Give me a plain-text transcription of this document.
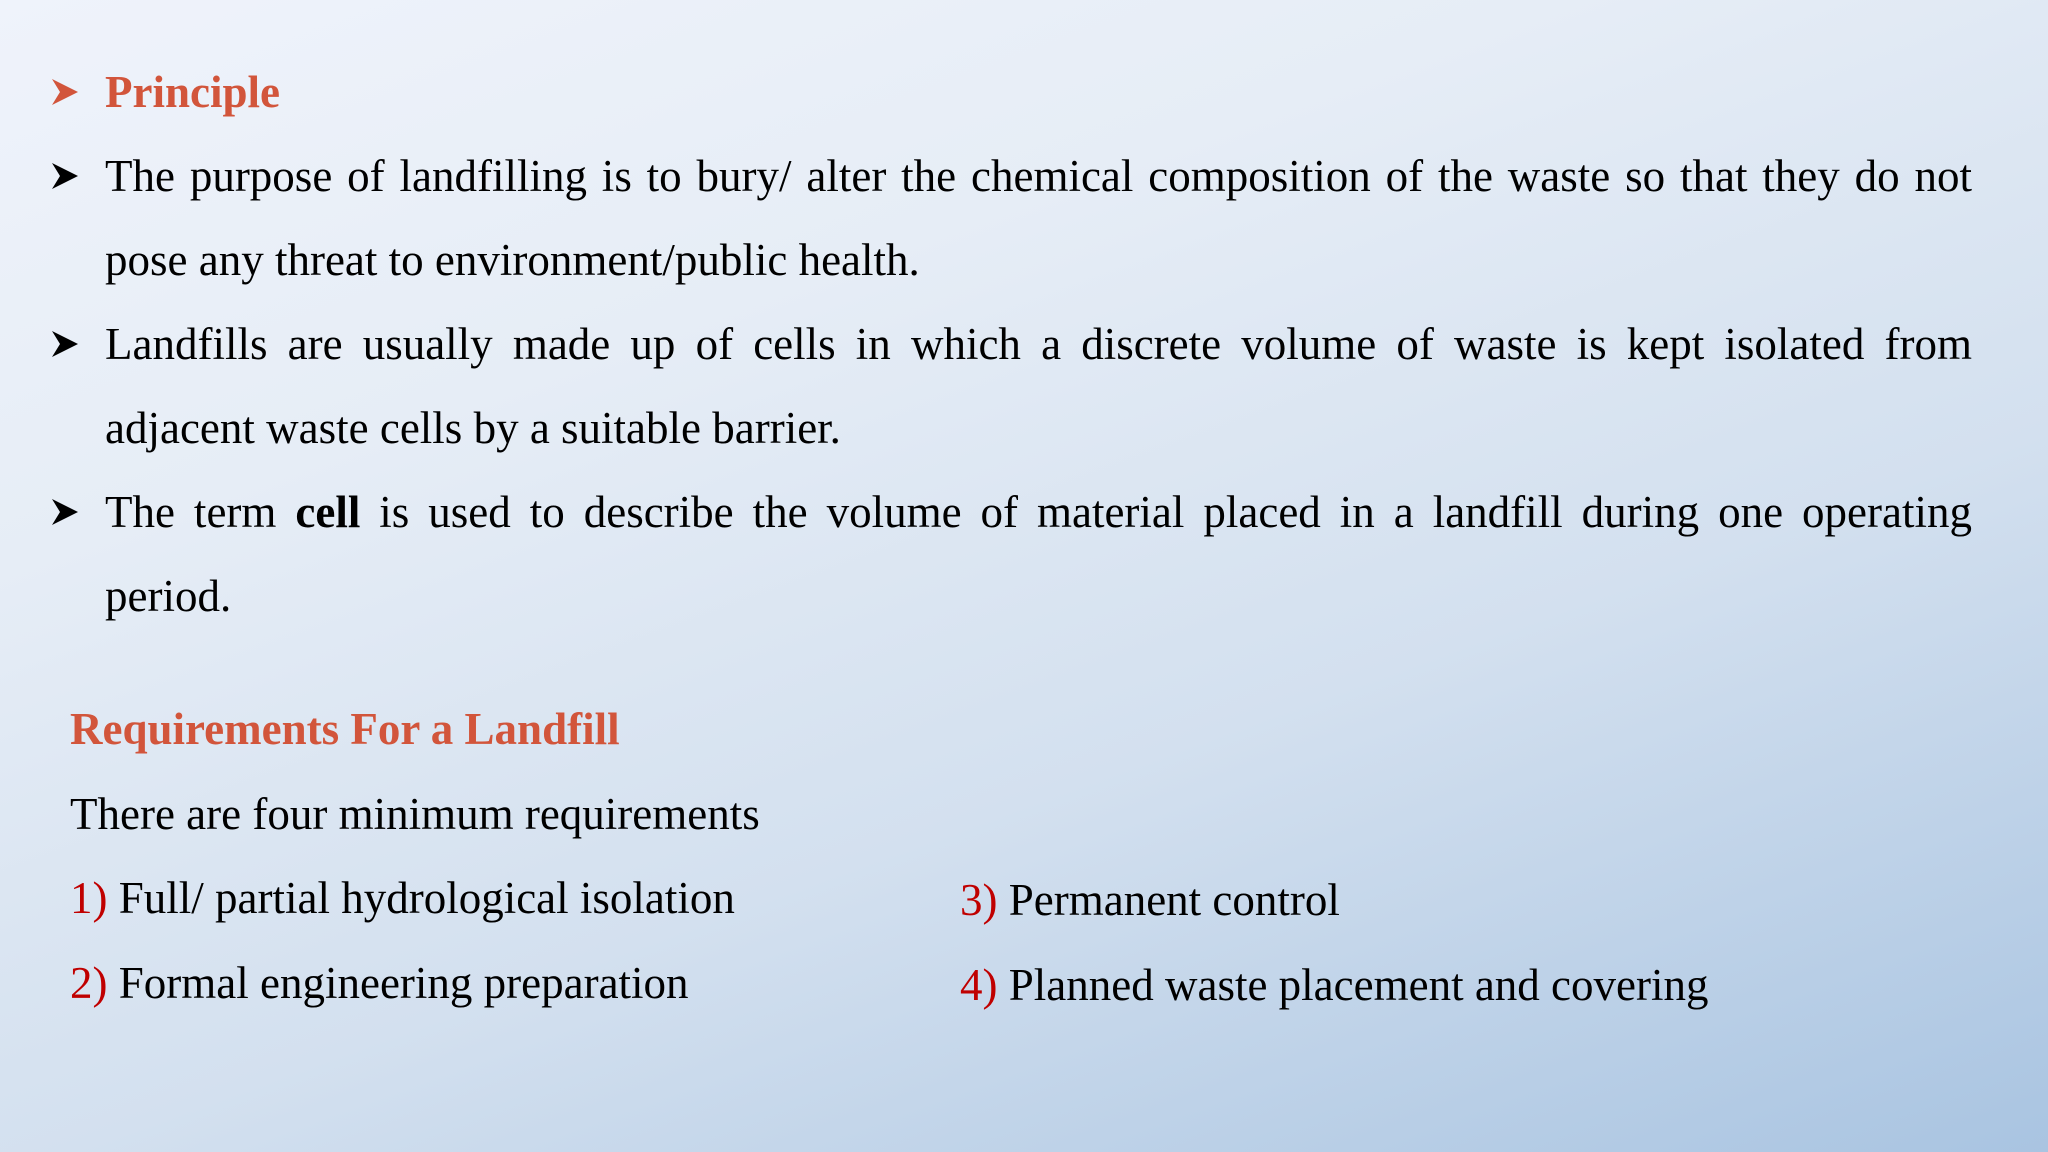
Principle
The purpose of landfilling is to bury/ alter the chemical composition of the waste so that they do not pose any threat to environment/public health.
Landfills are usually made up of cells in which a discrete volume of waste is kept isolated from adjacent waste cells by a suitable barrier.
The term cell is used to describe the volume of material placed in a landfill during one operating period.
Requirements For a Landfill
There are four minimum requirements
1) Full/ partial hydrological isolation
2) Formal engineering preparation
3) Permanent control
4) Planned waste placement and covering
